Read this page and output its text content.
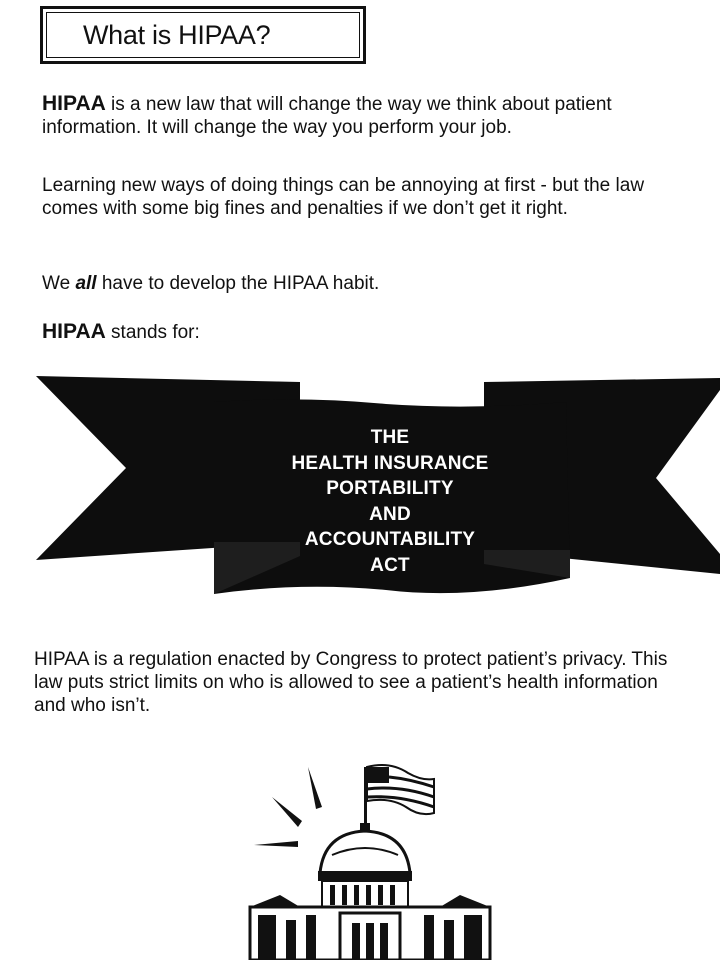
What is HIPAA?

HIPAA is a new law that will change the way we think about patient information. It will change the way you perform your job.

Learning new ways of doing things can be annoying at first - but the law comes with some big fines and penalties if we don’t get it right.

We all have to develop the HIPAA habit.

HIPAA stands for:

THE
HEALTH INSURANCE
PORTABILITY
AND
ACCOUNTABILITY
ACT

HIPAA is a regulation enacted by Congress to protect patient’s privacy. This law puts strict limits on who is allowed to see a patient’s health information and who isn’t.
